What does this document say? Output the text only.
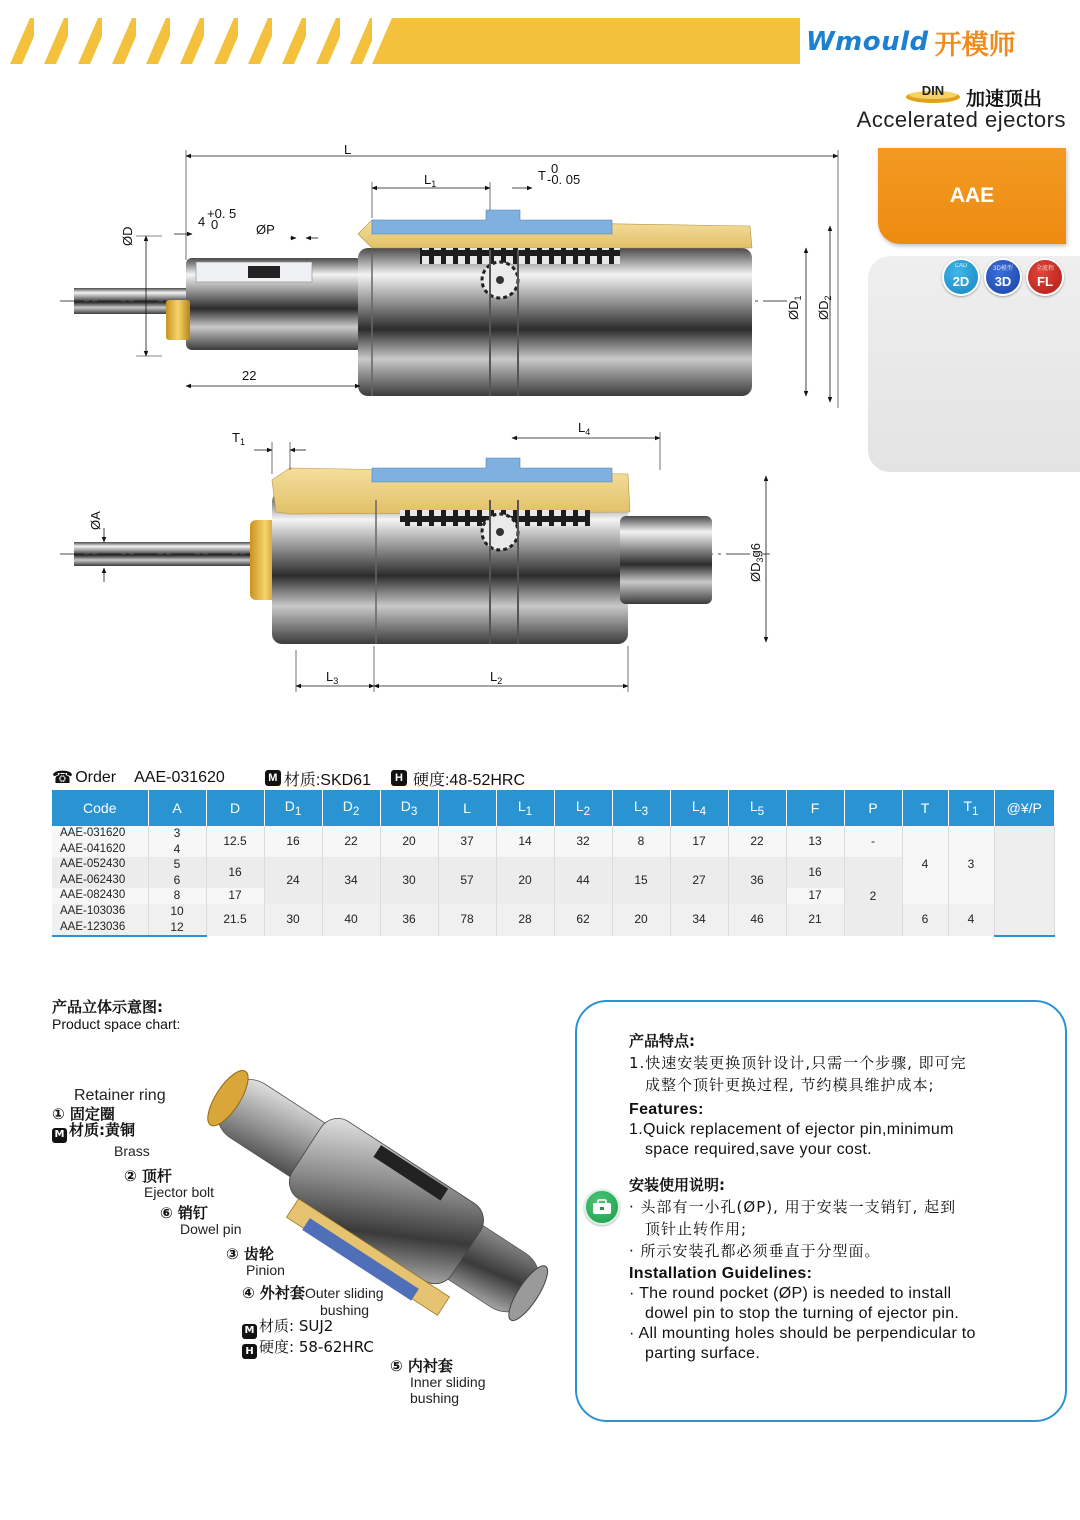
Wmould 开模师
DIN	加速顶出
Accelerated ejectors
AAE
CAD
2D
3D模型
3D
全流程
FL
L
$L_1$
T 0
-0. 05
4
+0. 5
0	ØP
ØD
22
$ØD_1$
$ØD_2$
$T_1$
$L_4$
ØA
$ØD_3g6$
$L_3$	$L_2$
☎ Order AAE-031620	M 材质:SKD61	H 硬度:48-52HRC
Code	A	D	$D_1$	$D_2$	$D_3$	L	$L_1$	$L_2$	$L_3$	$L_4$	$L_5$	F	P	T	$T_1$	@¥/P
AAE-031620	3	12.5	16	22	20	37	14	32	8	17	22	13	-	4	3	
AAE-041620	4															
AAE-052430	5	16	24	34	30	57	20	44	15	27	36	16	2			
AAE-062430	6															
AAE-082430	8	17										17				
AAE-103036	10	21.5	30	40	36	78	28	62	20	34	46	21		6	4	
AAE-123036	12															
产品立体示意图:
Product space chart:
Retainer ring
① 固定圈
M 材质:黄铜
Brass
② 顶杆
Ejector bolt
⑥ 销钉
Dowel pin
③ 齿轮
Pinion
④ 外衬套Outer sliding
bushing
M 材质: SUJ2
H 硬度: 58-62HRC
⑤ 内衬套
Inner sliding
bushing
产品特点:
1.快速安装更换顶针设计,只需一个步骤, 即可完
成整个顶针更换过程, 节约模具维护成本;
Features:
1.Quick replacement of ejector pin,minimum
space required,save your cost.
安装使用说明:
· 头部有一小孔(ØP), 用于安装一支销钉, 起到
顶针止转作用;
· 所示安装孔都必须垂直于分型面。
Installation Guidelines:
· The round pocket (ØP) is needed to install
dowel pin to stop the turning of ejector pin.
· All mounting holes should be perpendicular to
parting surface.
